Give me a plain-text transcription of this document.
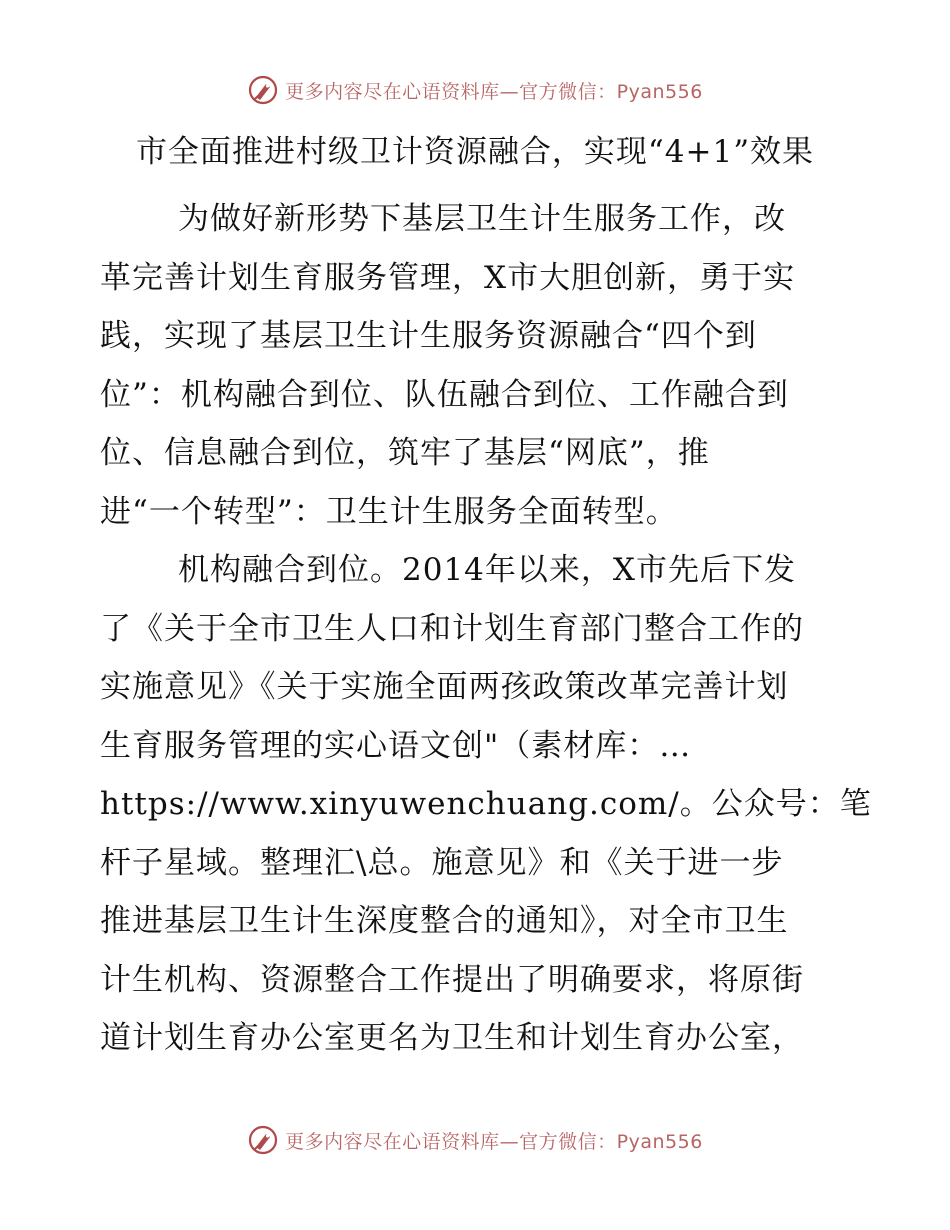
更多内容尽在心语资料库—官方微信：Pyan556
市全面推进村级卫计资源融合，实现“4+1”效果
为做好新形势下基层卫生计生服务工作，改
革完善计划生育服务管理，X市大胆创新，勇于实
践，实现了基层卫生计生服务资源融合“四个到
位”：机构融合到位、队伍融合到位、工作融合到
位、信息融合到位，筑牢了基层“网底”，推
进“一个转型”：卫生计生服务全面转型。
机构融合到位。2014年以来，X市先后下发
了《关于全市卫生人口和计划生育部门整合工作的
实施意见》《关于实施全面两孩政策改革完善计划
生育服务管理的实心语文创"（素材库：…
https://www.xinyuwenchuang.com/。公众号：笔
杆子星域。整理汇\总。施意见》和《关于进一步
推进基层卫生计生深度整合的通知》，对全市卫生
计生机构、资源整合工作提出了明确要求，将原街
道计划生育办公室更名为卫生和计划生育办公室，
更多内容尽在心语资料库—官方微信：Pyan556
